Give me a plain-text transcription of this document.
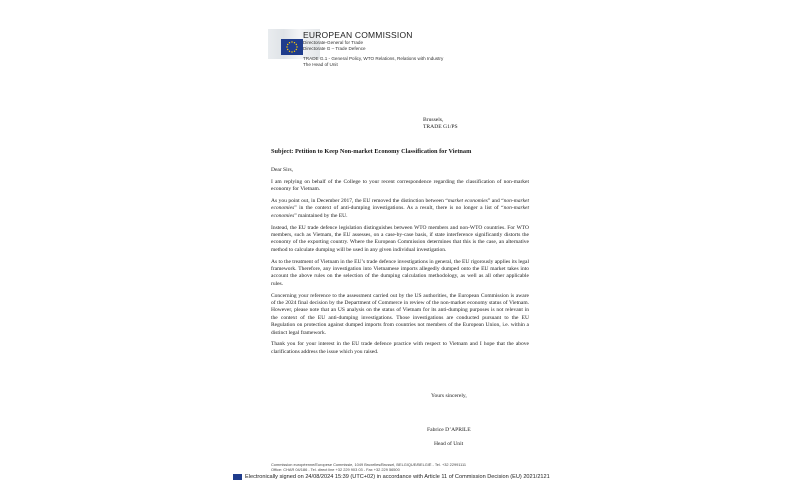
EUROPEAN COMMISSION
Directorate-General for Trade
Directorate G – Trade Defence
TRADE G.1 - General Policy, WTO Relations, Relations with Industry
The Head of Unit
Brussels,
TRADE G1/PS
Subject: Petition to Keep Non-market Economy Classification for Vietnam

Dear Sirs,

I am replying on behalf of the College to your recent correspondence regarding the classification of non-market economy for Vietnam.

As you point out, in December 2017, the EU removed the distinction between “market economies” and “non-market economies” in the context of anti-dumping investigations. As a result, there is no longer a list of “non-market economies” maintained by the EU.

Instead, the EU trade defence legislation distinguishes between WTO members and non-WTO countries. For WTO members, such as Vietnam, the EU assesses, on a case-by-case basis, if state interference significantly distorts the economy of the exporting country. Where the European Commission determines that this is the case, an alternative method to calculate dumping will be used in any given individual investigation.

As to the treatment of Vietnam in the EU’s trade defence investigations in general, the EU rigorously applies its legal framework. Therefore, any investigation into Vietnamese imports allegedly dumped onto the EU market takes into account the above rules on the selection of the dumping calculation methodology, as well as all other applicable rules.

Concerning your reference to the assessment carried out by the US authorities, the European Commission is aware of the 2024 final decision by the Department of Commerce in review of the non-market economy status of Vietnam. However, please note that an US analysis on the status of Vietnam for its anti-dumping purposes is not relevant in the context of the EU anti-dumping investigations. Those investigations are conducted pursuant to the EU Regulation on protection against dumped imports from countries not members of the European Union, i.e. within a distinct legal framework.

Thank you for your interest in the EU trade defence practice with respect to Vietnam and I hope that the above clarifications address the issue which you raised.

Yours sincerely,
Fabrice D’APRILE
Head of Unit
Commission européenne/Europese Commissie, 1049 Bruxelles/Brussel, BELGIQUE/BELGIË - Tel. +32 22991111
Office: CHAR 04/186 - Tel. direct line +32 229 903 03 - Fax +32 229 56500
Electronically signed on 24/08/2024 15:39 (UTC+02) in accordance with Article 11 of Commission Decision (EU) 2021/2121
